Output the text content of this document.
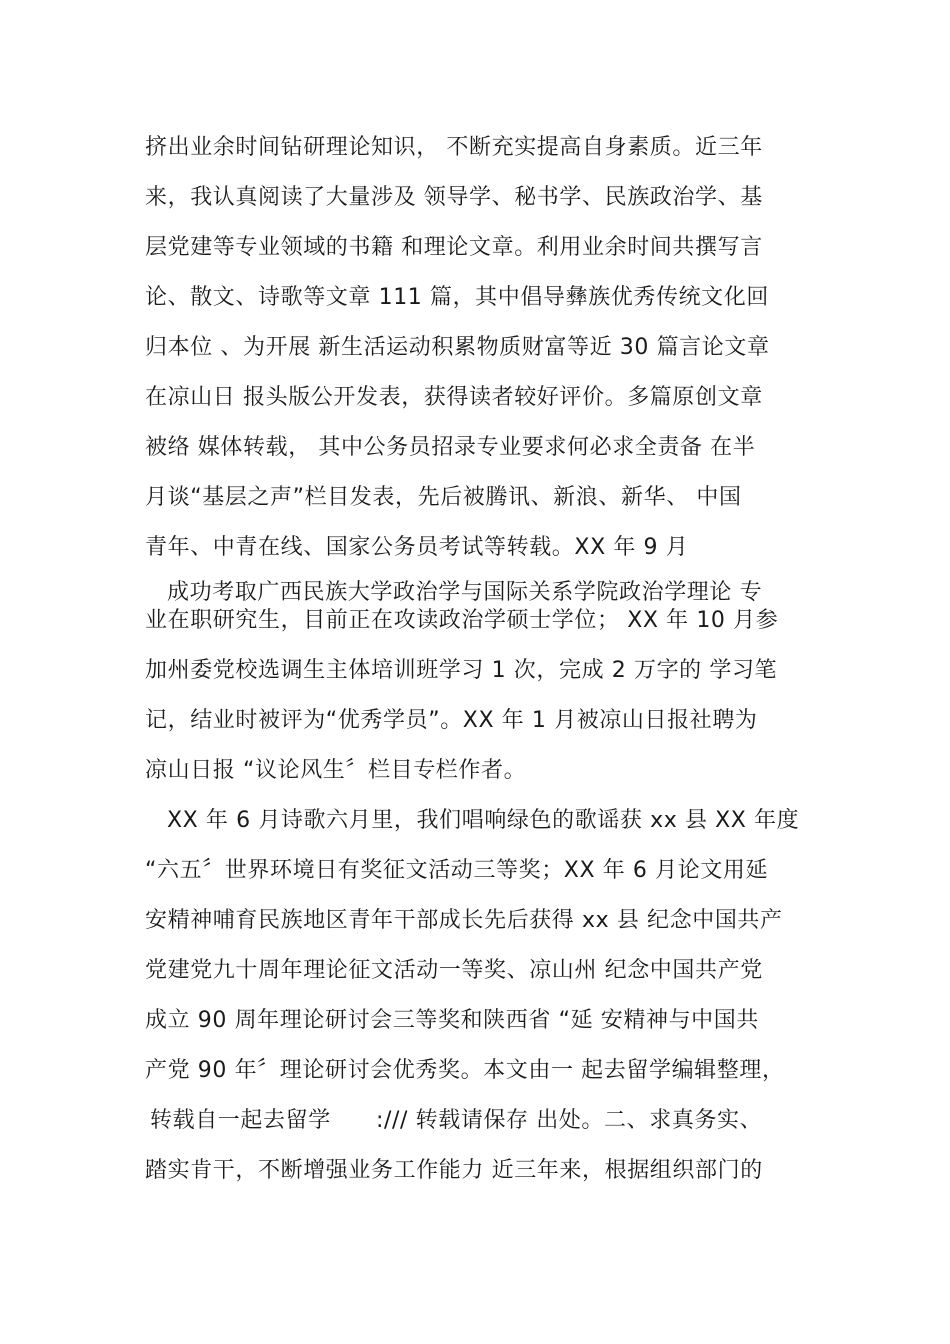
挤出业余时间钻研理论知识， 不断充实提高自身素质。近三年
来，我认真阅读了大量涉及 领导学、秘书学、民族政治学、基
层党建等专业领域的书籍 和理论文章。利用业余时间共撰写言
论、散文、诗歌等文章 111 篇，其中倡导彝族优秀传统文化回
归本位 、为开展 新生活运动积累物质财富等近 30 篇言论文章
在凉山日 报头版公开发表，获得读者较好评价。多篇原创文章
被络 媒体转载， 其中公务员招录专业要求何必求全责备 在半
月谈“基层之声”栏目发表，先后被腾讯、新浪、新华、 中国
青年、中青在线、国家公务员考试等转载。XX 年 9 月
成功考取广西民族大学政治学与国际关系学院政治学理论 专
业在职研究生，目前正在攻读政治学硕士学位； XX 年 10 月参
加州委党校选调生主体培训班学习 1 次，完成 2 万字的 学习笔
记，结业时被评为“优秀学员”。XX 年 1 月被凉山日报社聘为
凉山日报 “议论风生〞栏目专栏作者。
XX 年 6 月诗歌六月里，我们唱响绿色的歌谣获 xx 县 XX 年度
“六五〞世界环境日有奖征文活动三等奖；XX 年 6 月论文用延
安精神哺育民族地区青年干部成长先后获得 xx 县 纪念中国共产
党建党九十周年理论征文活动一等奖、凉山州 纪念中国共产党
成立 90 周年理论研讨会三等奖和陕西省 “延 安精神与中国共
产党 90 年〞理论研讨会优秀奖。本文由一 起去留学编辑整理，
转载自一起去留学　　:/// 转载请保存 出处。二、求真务实、
踏实肯干，不断增强业务工作能力 近三年来，根据组织部门的
